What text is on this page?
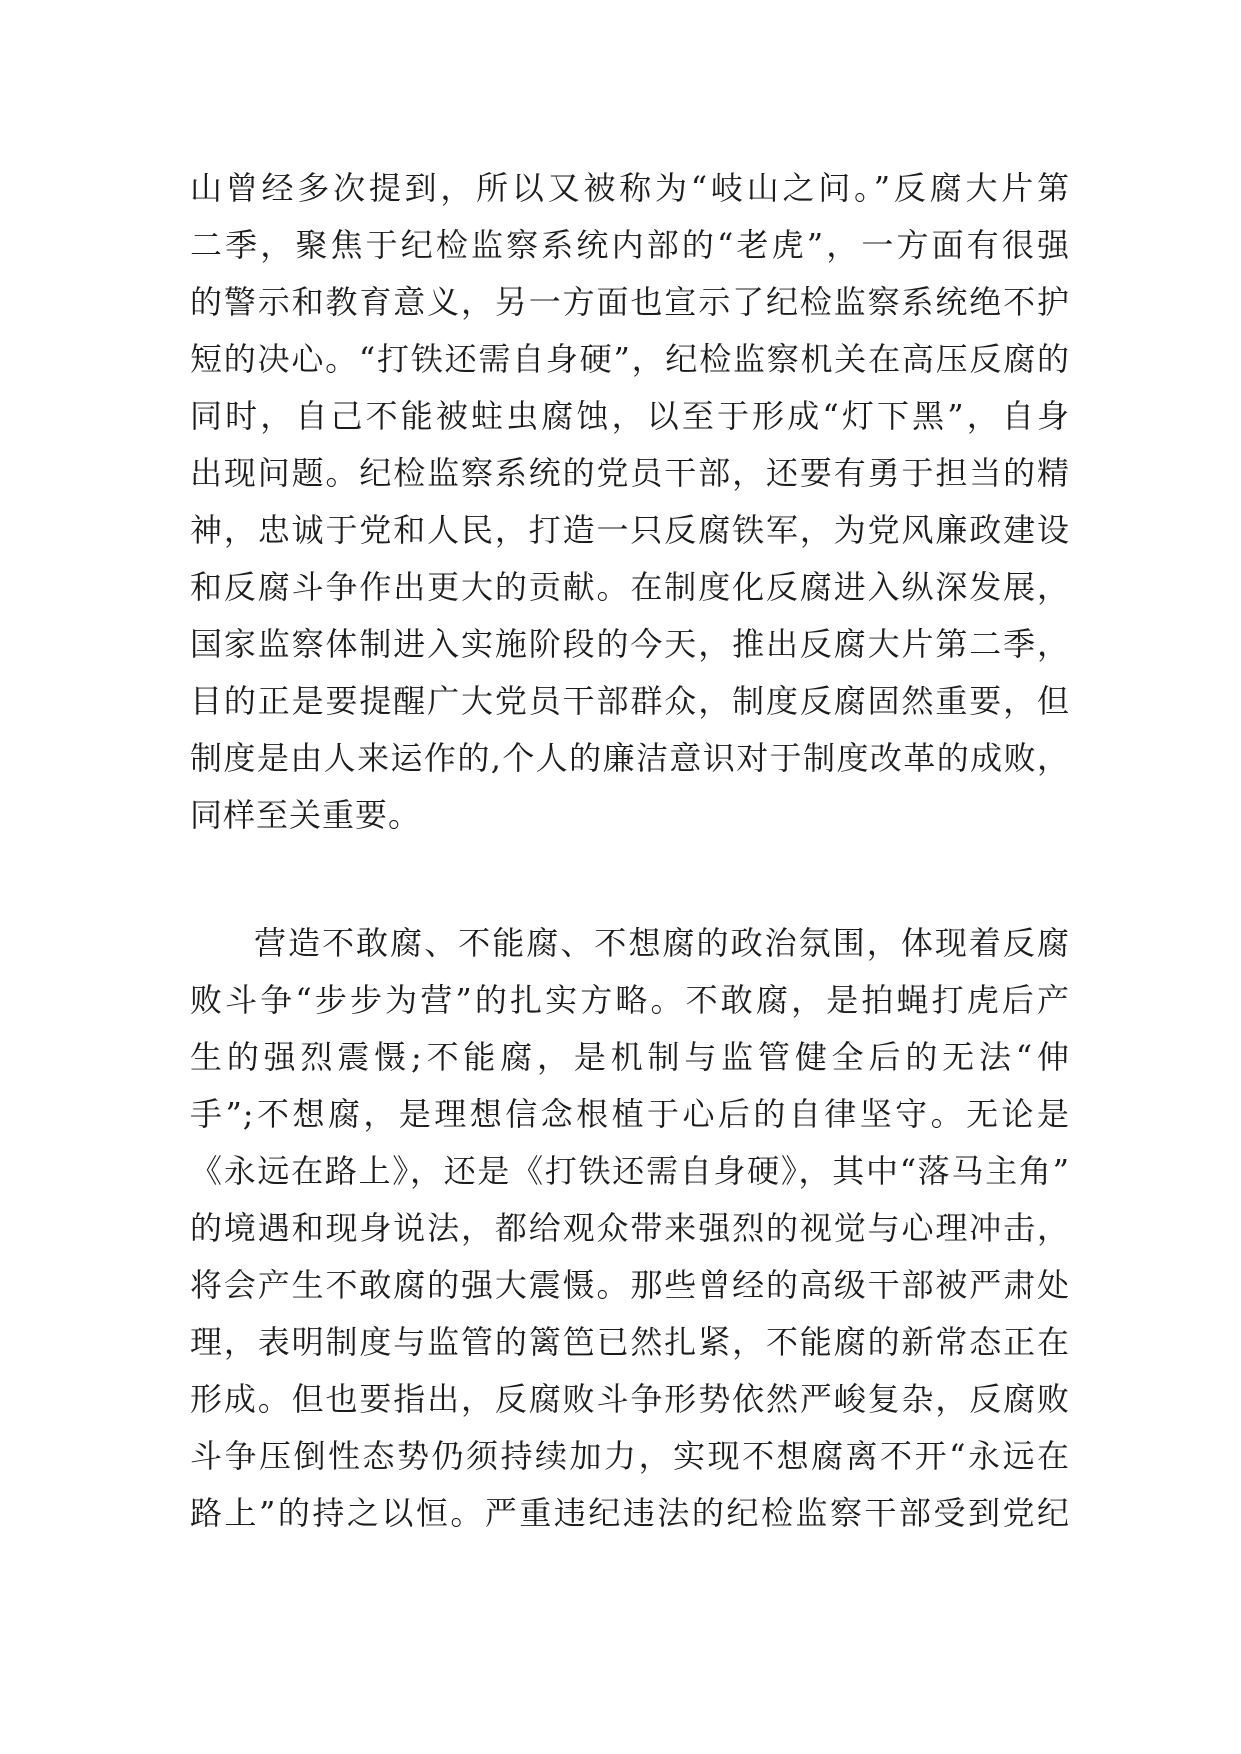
山曾经多次提到，所以又被称为“岐山之问。”反腐大片第
二季，聚焦于纪检监察系统内部的“老虎”，一方面有很强
的警示和教育意义，另一方面也宣示了纪检监察系统绝不护
短的决心。“打铁还需自身硬”，纪检监察机关在高压反腐的
同时，自己不能被蛀虫腐蚀，以至于形成“灯下黑”，自身
出现问题。纪检监察系统的党员干部，还要有勇于担当的精
神，忠诚于党和人民，打造一只反腐铁军，为党风廉政建设
和反腐斗争作出更大的贡献。在制度化反腐进入纵深发展，
国家监察体制进入实施阶段的今天，推出反腐大片第二季，
目的正是要提醒广大党员干部群众，制度反腐固然重要，但
制度是由人来运作的,个人的廉洁意识对于制度改革的成败，
同样至关重要。
营造不敢腐、不能腐、不想腐的政治氛围，体现着反腐
败斗争“步步为营”的扎实方略。不敢腐，是拍蝇打虎后产
生的强烈震慑;不能腐，是机制与监管健全后的无法“伸
手”;不想腐，是理想信念根植于心后的自律坚守。无论是
《永远在路上》，还是《打铁还需自身硬》，其中“落马主角”
的境遇和现身说法，都给观众带来强烈的视觉与心理冲击，
将会产生不敢腐的强大震慑。那些曾经的高级干部被严肃处
理，表明制度与监管的篱笆已然扎紧，不能腐的新常态正在
形成。但也要指出，反腐败斗争形势依然严峻复杂，反腐败
斗争压倒性态势仍须持续加力，实现不想腐离不开“永远在
路上”的持之以恒。严重违纪违法的纪检监察干部受到党纪
